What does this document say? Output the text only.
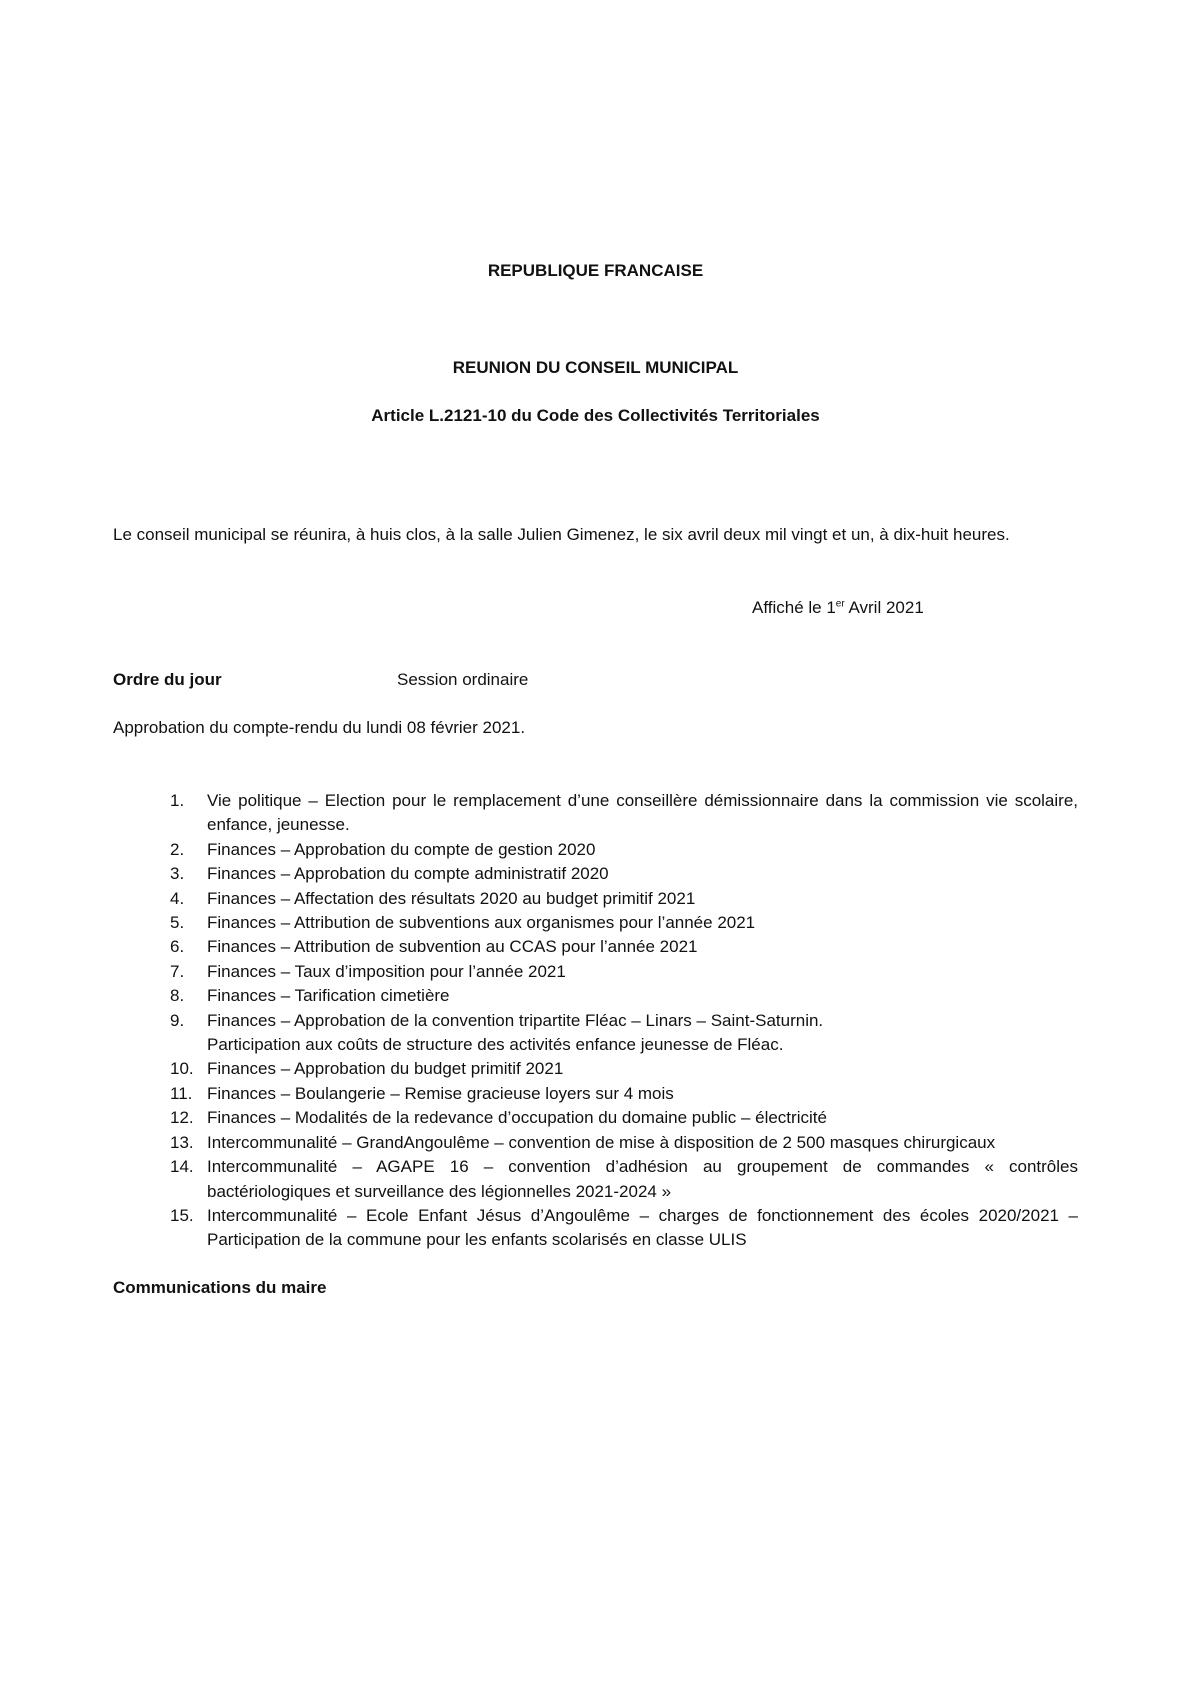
REPUBLIQUE FRANCAISE
REUNION DU CONSEIL MUNICIPAL
Article L.2121-10 du Code des Collectivités Territoriales
Le conseil municipal se réunira, à huis clos, à la salle Julien Gimenez, le six avril deux mil vingt et un, à dix-huit heures.
Affiché le 1er Avril 2021
Ordre du jour	Session ordinaire
Approbation du compte-rendu du lundi 08 février 2021.
1.	Vie politique – Election pour le remplacement d’une conseillère démissionnaire dans la commission vie scolaire, enfance, jeunesse.
2.	Finances – Approbation du compte de gestion 2020
3.	Finances – Approbation du compte administratif 2020
4.	Finances – Affectation des résultats 2020 au budget primitif 2021
5.	Finances – Attribution de subventions aux organismes pour l’année 2021
6.	Finances – Attribution de subvention au CCAS pour l’année 2021
7.	Finances – Taux d’imposition pour l’année 2021
8.	Finances – Tarification cimetière
9.	Finances – Approbation de la convention tripartite Fléac – Linars – Saint-Saturnin.
Participation aux coûts de structure des activités enfance jeunesse de Fléac.
10. Finances – Approbation du budget primitif 2021
11. Finances – Boulangerie – Remise gracieuse loyers sur 4 mois
12. Finances – Modalités de la redevance d’occupation du domaine public – électricité
13. Intercommunalité – GrandAngoulême – convention de mise à disposition de 2 500 masques chirurgicaux
14. Intercommunalité – AGAPE 16 – convention d’adhésion au groupement de commandes « contrôles bactériologiques et surveillance des légionnelles 2021-2024 »
15. Intercommunalité – Ecole Enfant Jésus d’Angoulême – charges de fonctionnement des écoles 2020/2021 – Participation de la commune pour les enfants scolarisés en classe ULIS
Communications du maire
